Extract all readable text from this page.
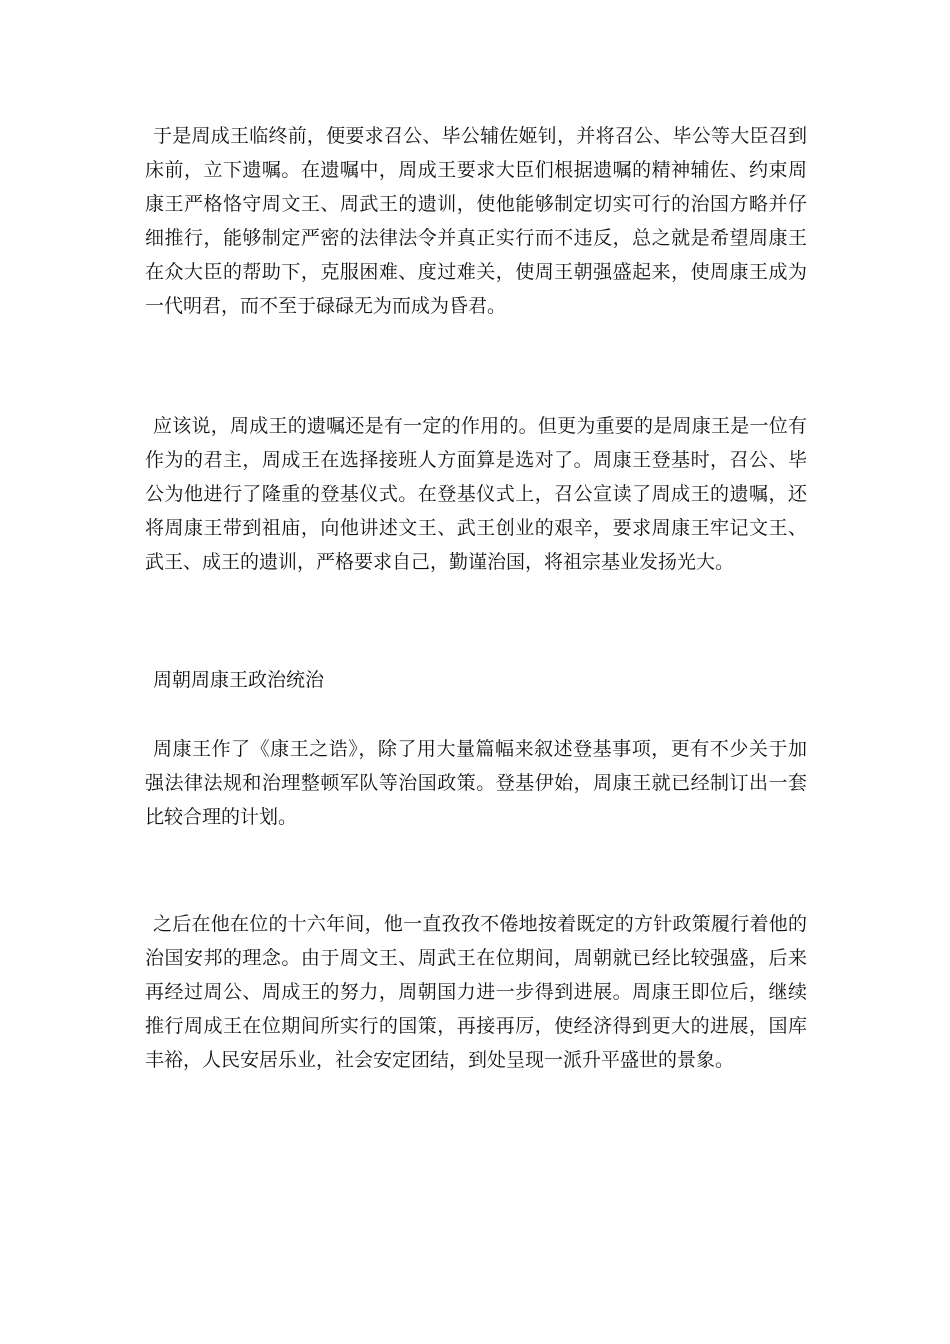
于是周成王临终前，便要求召公、毕公辅佐姬钊，并将召公、毕公等大臣召到床前，立下遗嘱。在遗嘱中，周成王要求大臣们根据遗嘱的精神辅佐、约束周康王严格恪守周文王、周武王的遗训，使他能够制定切实可行的治国方略并仔细推行，能够制定严密的法律法令并真正实行而不违反，总之就是希望周康王在众大臣的帮助下，克服困难、度过难关，使周王朝强盛起来，使周康王成为一代明君，而不至于碌碌无为而成为昏君。

应该说，周成王的遗嘱还是有一定的作用的。但更为重要的是周康王是一位有作为的君主，周成王在选择接班人方面算是选对了。周康王登基时，召公、毕公为他进行了隆重的登基仪式。在登基仪式上，召公宣读了周成王的遗嘱，还将周康王带到祖庙，向他讲述文王、武王创业的艰辛，要求周康王牢记文王、武王、成王的遗训，严格要求自己，勤谨治国，将祖宗基业发扬光大。

周朝周康王政治统治

周康王作了《康王之诰》，除了用大量篇幅来叙述登基事项，更有不少关于加强法律法规和治理整顿军队等治国政策。登基伊始，周康王就已经制订出一套比较合理的计划。

之后在他在位的十六年间，他一直孜孜不倦地按着既定的方针政策履行着他的治国安邦的理念。由于周文王、周武王在位期间，周朝就已经比较强盛，后来再经过周公、周成王的努力，周朝国力进一步得到进展。周康王即位后，继续推行周成王在位期间所实行的国策，再接再厉，使经济得到更大的进展，国库丰裕，人民安居乐业，社会安定团结，到处呈现一派升平盛世的景象。
